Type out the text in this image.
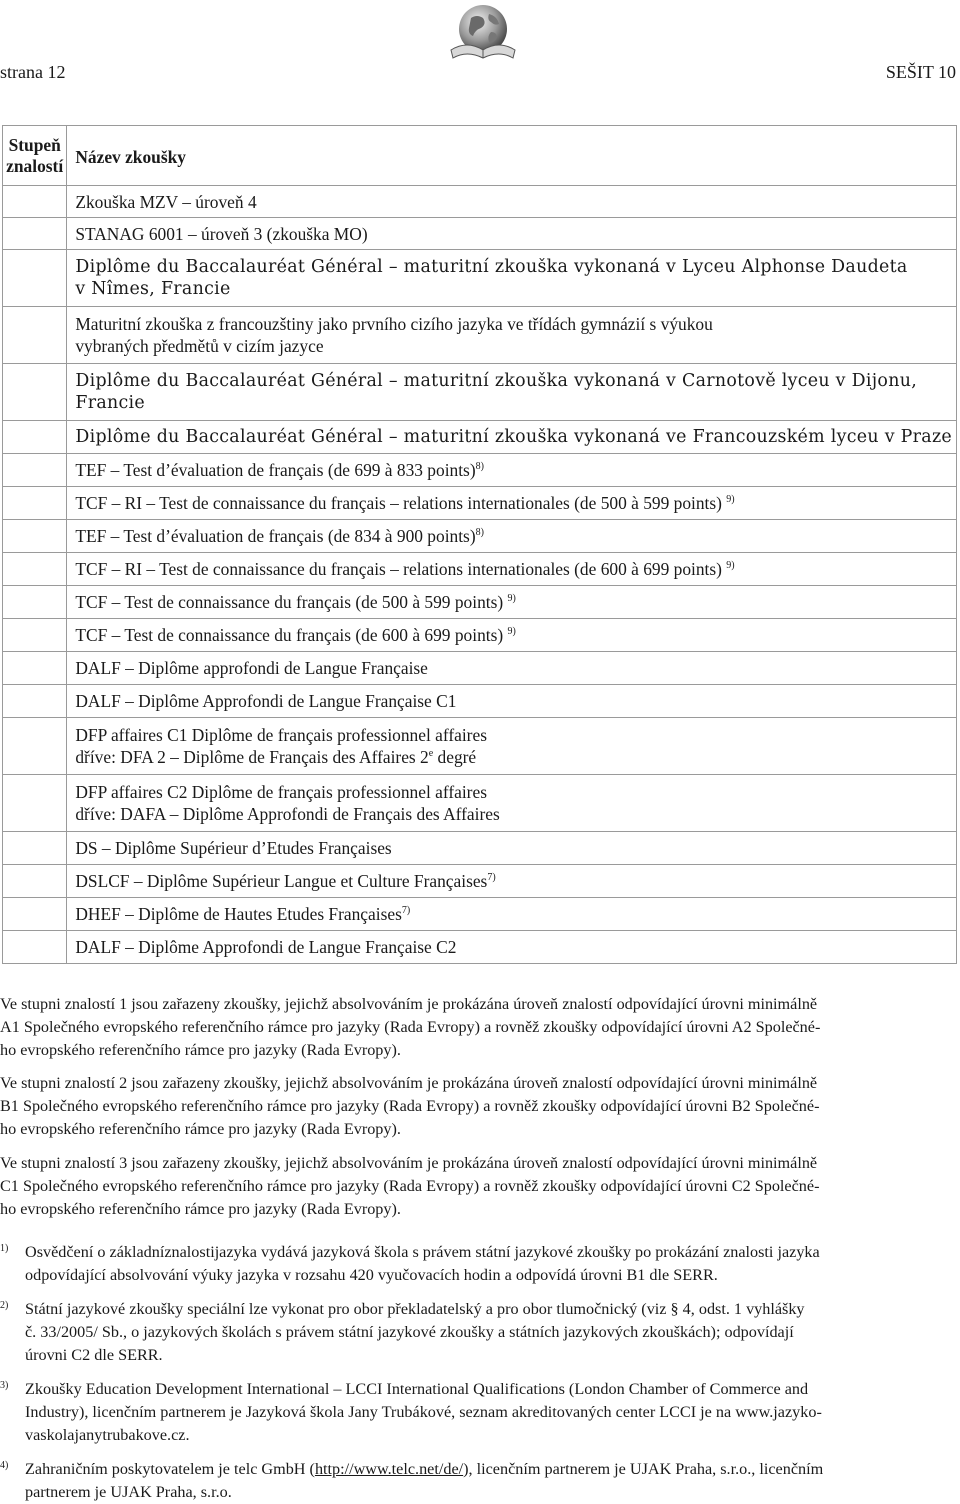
strana 12	SEŠIT 10
Stupeň
znalostí	Název zkoušky

	Zkouška MZV – úroveň 4

	STANAG 6001 – úroveň 3 (zkouška MO)

	Diplôme du Baccalauréat Général – maturitní zkouška vykonaná v Lyceu Alphonse Daudeta
v Nîmes, Francie

	Maturitní zkouška z francouzštiny jako prvního cizího jazyka ve třídách gymnázií s výukou
vybraných předmětů v cizím jazyce

	Diplôme du Baccalauréat Général – maturitní zkouška vykonaná v Carnotově lyceu v Dijonu,
Francie

	Diplôme du Baccalauréat Général – maturitní zkouška vykonaná ve Francouzském lyceu v Praze

	TEF – Test d’évaluation de français (de 699 à 833 points)$^{8)}$

	TCF – RI – Test de connaissance du français – relations internationales (de 500 à 599 points) $^{9)}$

	TEF – Test d’évaluation de français (de 834 à 900 points)$^{8)}$

	TCF – RI – Test de connaissance du français – relations internationales (de 600 à 699 points) $^{9)}$

	TCF – Test de connaissance du français (de 500 à 599 points) $^{9)}$

	TCF – Test de connaissance du français (de 600 à 699 points) $^{9)}$

	DALF – Diplôme approfondi de Langue Française

	DALF – Diplôme Approfondi de Langue Française C1

	DFP affaires C1 Diplôme de français professionnel affaires
dříve: DFA 2 – Diplôme de Français des Affaires 2e degré

	DFP affaires C2 Diplôme de français professionnel affaires
dříve: DAFA – Diplôme Approfondi de Français des Affaires

	DS – Diplôme Supérieur d’Etudes Françaises

	DSLCF – Diplôme Supérieur Langue et Culture Françaises$^{7)}$

	DHEF – Diplôme de Hautes Etudes Françaises$^{7)}$

	DALF – Diplôme Approfondi de Langue Française C2
Ve stupni znalostí 1 jsou zařazeny zkoušky, jejichž absolvováním je prokázána úroveň znalostí odpovídající úrovni minimálně
A1 Společného evropského referenčního rámce pro jazyky (Rada Evropy) a rovněž zkoušky odpovídající úrovni A2 Společné-
ho evropského referenčního rámce pro jazyky (Rada Evropy).
Ve stupni znalostí 2 jsou zařazeny zkoušky, jejichž absolvováním je prokázána úroveň znalostí odpovídající úrovni minimálně
B1 Společného evropského referenčního rámce pro jazyky (Rada Evropy) a rovněž zkoušky odpovídající úrovni B2 Společné-
ho evropského referenčního rámce pro jazyky (Rada Evropy).
Ve stupni znalostí 3 jsou zařazeny zkoušky, jejichž absolvováním je prokázána úroveň znalostí odpovídající úrovni minimálně
C1 Společného evropského referenčního rámce pro jazyky (Rada Evropy) a rovněž zkoušky odpovídající úrovni C2 Společné-
ho evropského referenčního rámce pro jazyky (Rada Evropy).
1) Osvědčení o základníznalostijazyka vydává jazyková škola s právem státní jazykové zkoušky po prokázání znalosti jazyka
odpovídající absolvování výuky jazyka v rozsahu 420 vyučovacích hodin a odpovídá úrovni B1 dle SERR.
2) Státní jazykové zkoušky speciální lze vykonat pro obor překladatelský a pro obor tlumočnický (viz § 4, odst. 1 vyhlášky
č. 33/2005/ Sb., o jazykových školách s právem státní jazykové zkoušky a státních jazykových zkouškách); odpovídají
úrovni C2 dle SERR.
3) Zkoušky Education Development International – LCCI International Qualifications (London Chamber of Commerce and
Industry), licenčním partnerem je Jazyková škola Jany Trubákové, seznam akreditovaných center LCCI je na www.jazyko-
vaskolajanytrubakove.cz.
4) Zahraničním poskytovatelem je telc GmbH (http://www.telc.net/de/), licenčním partnerem je UJAK Praha, s.r.o., licenčním
partnerem je UJAK Praha, s.r.o.
